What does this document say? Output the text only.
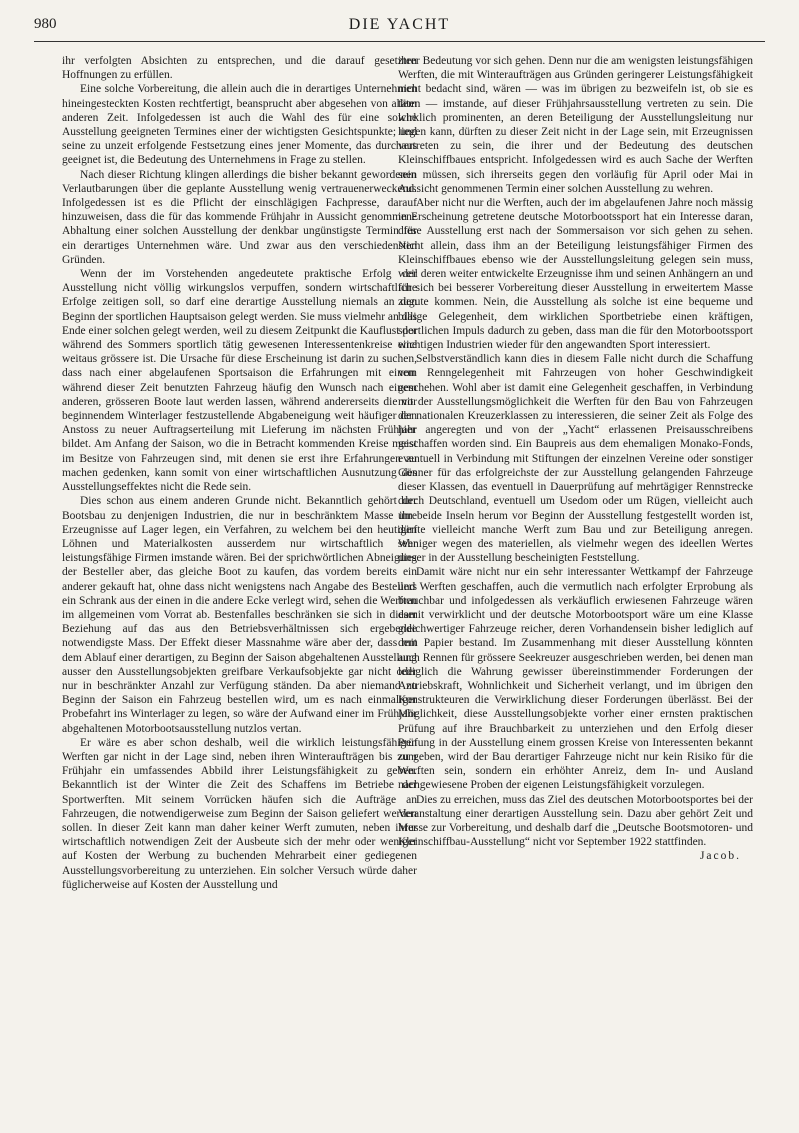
980	DIE YACHT

ihr verfolgten Absichten zu entsprechen, und die darauf gesetzten Hoffnungen zu erfüllen.

Eine solche Vorbereitung, die allein auch die in derartiges Unternehmen hineingesteckten Kosten rechtfertigt, beansprucht aber abgesehen von allem anderen Zeit. Infolgedessen ist auch die Wahl des für eine solche Ausstellung geeigneten Termines einer der wichtigsten Gesichtspunkte; und seine zu unzeit erfolgende Festsetzung eines jener Momente, das durchaus geeignet ist, die Bedeutung des Unternehmens in Frage zu stellen.

Nach dieser Richtung klingen allerdings die bisher bekannt gewordenen Verlautbarungen über die geplante Ausstellung wenig vertrauenerweckend. Infolgedessen ist es die Pflicht der einschlägigen Fachpresse, darauf hinzuweisen, dass die für das kommende Frühjahr in Aussicht genommene Abhaltung einer solchen Ausstellung der denkbar ungünstigste Termin für ein derartiges Unternehmen wäre. Und zwar aus den verschiedensten Gründen.

Wenn der im Vorstehenden angedeutete praktische Erfolg der Ausstellung nicht völlig wirkungslos verpuffen, sondern wirtschaftliche Erfolge zeitigen soll, so darf eine derartige Ausstellung niemals an den Beginn der sportlichen Hauptsaison gelegt werden. Sie muss vielmehr an das Ende einer solchen gelegt werden, weil zu diesem Zeitpunkt die Kauflust der während des Sommers sportlich tätig gewesenen Interessentenkreise eine weitaus grössere ist. Die Ursache für diese Erscheinung ist darin zu suchen, dass nach einer abgelaufenen Sportsaison die Erfahrungen mit einem während dieser Zeit benutzten Fahrzeug häufig den Wunsch nach einem anderen, grösseren Boote laut werden lassen, während andererseits die vor beginnendem Winterlager festzustellende Abgabeneigung weit häufiger den Anstoss zu neuer Auftragserteilung mit Lieferung im nächsten Frühjahr bildet. Am Anfang der Saison, wo die in Betracht kommenden Kreise meist im Besitze von Fahrzeugen sind, mit denen sie erst ihre Erfahrungen zu machen gedenken, kann somit von einer wirtschaftlichen Ausnutzung des Ausstellungseffektes nicht die Rede sein.

Dies schon aus einem anderen Grunde nicht. Bekanntlich gehört der Bootsbau zu denjenigen Industrien, die nur in beschränktem Masse ihre Erzeugnisse auf Lager legen, ein Verfahren, zu welchem bei den heutigen Löhnen und Materialkosten ausserdem nur wirtschaftlich sehr leistungsfähige Firmen imstande wären. Bei der sprichwörtlichen Abneigung der Besteller aber, das gleiche Boot zu kaufen, das vordem bereits ein anderer gekauft hat, ohne dass nicht wenigstens nach Angabe des Bestellers ein Schrank aus der einen in die andere Ecke verlegt wird, sehen die Werften im allgemeinen vom Vorrat ab. Bestenfalles beschränken sie sich in dieser Beziehung auf das aus den Betriebsverhältnissen sich ergebende notwendigste Mass. Der Effekt dieser Massnahme wäre aber der, dass mit dem Ablauf einer derartigen, zu Beginn der Saison abgehaltenen Ausstellung ausser den Ausstellungsobjekten greifbare Verkaufsobjekte gar nicht oder nur in beschränkter Anzahl zur Verfügung ständen. Da aber niemand zu Beginn der Saison ein Fahrzeug bestellen wird, um es nach einmaliger Probefahrt ins Winterlager zu legen, so wäre der Aufwand einer im Frühjahr abgehaltenen Motorbootsausstellung nutzlos vertan.

Er wäre es aber schon deshalb, weil die wirklich leistungsfähigen Werften gar nicht in der Lage sind, neben ihren Winteraufträgen bis zum Frühjahr ein umfassendes Abbild ihrer Leistungsfähigkeit zu geben. Bekanntlich ist der Winter die Zeit des Schaffens im Betriebe der Sportwerften. Mit seinem Vorrücken häufen sich die Aufträge an Fahrzeugen, die notwendigerweise zum Beginn der Saison geliefert werden sollen. In dieser Zeit kann man daher keiner Werft zumuten, neben ihrer wirtschaftlich notwendigen Zeit der Ausbeute sich der mehr oder weniger auf Kosten der Werbung zu buchenden Mehrarbeit einer gediegenen Ausstellungsvorbereitung zu unterziehen. Ein solcher Versuch würde daher füglicherweise auf Kosten der Ausstellung und

ihrer Bedeutung vor sich gehen. Denn nur die am wenigsten leistungsfähigen Werften, die mit Winteraufträgen aus Gründen geringerer Leistungsfähigkeit nicht bedacht sind, wären — was im übrigen zu bezweifeln ist, ob sie es täten — imstande, auf dieser Frühjahrsausstellung vertreten zu sein. Die wirklich prominenten, an deren Beteiligung der Ausstellungsleitung nur liegen kann, dürften zu dieser Zeit nicht in der Lage sein, mit Erzeugnissen vertreten zu sein, die ihrer und der Bedeutung des deutschen Kleinschiffbaues entspricht. Infolgedessen wird es auch Sache der Werften sein müssen, sich ihrerseits gegen den vorläufig für April oder Mai in Aussicht genommenen Termin einer solchen Ausstellung zu wehren.

Aber nicht nur die Werften, auch der im abgelaufenen Jahre noch mässig in Erscheinung getretene deutsche Motorbootssport hat ein Interesse daran, diese Ausstellung erst nach der Sommersaison vor sich gehen zu sehen. Nicht allein, dass ihm an der Beteiligung leistungsfähiger Firmen des Kleinschiffbaues ebenso wie der Ausstellungsleitung gelegen sein muss, weil deren weiter entwickelte Erzeugnisse ihm und seinen Anhängern an und für sich bei besserer Vorbereitung dieser Ausstellung in erweitertem Masse zugute kommen. Nein, die Ausstellung als solche ist eine bequeme und billige Gelegenheit, dem wirklichen Sportbetriebe einen kräftigen, sportlichen Impuls dadurch zu geben, dass man die für den Motorbootssport wichtigen Industrien wieder für den angewandten Sport interessiert.

Selbstverständlich kann dies in diesem Falle nicht durch die Schaffung von Renngelegenheit mit Fahrzeugen von hoher Geschwindigkeit geschehen. Wohl aber ist damit eine Gelegenheit geschaffen, in Verbindung mit der Ausstellungsmöglichkeit die Werften für den Bau von Fahrzeugen der nationalen Kreuzerklassen zu interessieren, die seiner Zeit als Folge des hier angeregten und von der „Yacht“ erlassenen Preisausschreibens geschaffen worden sind. Ein Baupreis aus dem ehemaligen Monako-Fonds, eventuell in Verbindung mit Stiftungen der einzelnen Vereine oder sonstiger Gönner für das erfolgreichste der zur Ausstellung gelangenden Fahrzeuge dieser Klassen, das eventuell in Dauerprüfung auf mehrtägiger Rennstrecke durch Deutschland, eventuell um Usedom oder um Rügen, vielleicht auch um beide Inseln herum vor Beginn der Ausstellung festgestellt worden ist, dürfte vielleicht manche Werft zum Bau und zur Beteiligung anregen. Weniger wegen des materiellen, als vielmehr wegen des ideellen Wertes dieser in der Ausstellung bescheinigten Feststellung.

Damit wäre nicht nur ein sehr interessanter Wettkampf der Fahrzeuge und Werften geschaffen, auch die vermutlich nach erfolgter Erprobung als brauchbar und infolgedessen als verkäuflich erwiesenen Fahrzeuge wären damit verwirklicht und der deutsche Motorbootsport wäre um eine Klasse gleichwertiger Fahrzeuge reicher, deren Vorhandensein bisher lediglich auf dem Papier bestand. Im Zusammenhang mit dieser Ausstellung könnten auch Rennen für grössere Seekreuzer ausgeschrieben werden, bei denen man lediglich die Wahrung gewisser übereinstimmender Forderungen der Antriebskraft, Wohnlichkeit und Sicherheit verlangt, und im übrigen den Konstrukteuren die Verwirklichung dieser Forderungen überlässt. Bei der Möglichkeit, diese Ausstellungsobjekte vorher einer ernsten praktischen Prüfung auf ihre Brauchbarkeit zu unterziehen und den Erfolg dieser Prüfung in der Ausstellung einem grossen Kreise von Interessenten bekannt zu geben, wird der Bau derartiger Fahrzeuge nicht nur kein Risiko für die Werften sein, sondern ein erhöhter Anreiz, dem In- und Ausland nachgewiesene Proben der eigenen Leistungsfähigkeit vorzulegen.

Dies zu erreichen, muss das Ziel des deutschen Motorbootsportes bei der Veranstaltung einer derartigen Ausstellung sein. Dazu aber gehört Zeit und Musse zur Vorbereitung, und deshalb darf die „Deutsche Bootsmotoren- und Kleinschiffbau-Ausstellung“ nicht vor September 1922 stattfinden.

Jacob.
